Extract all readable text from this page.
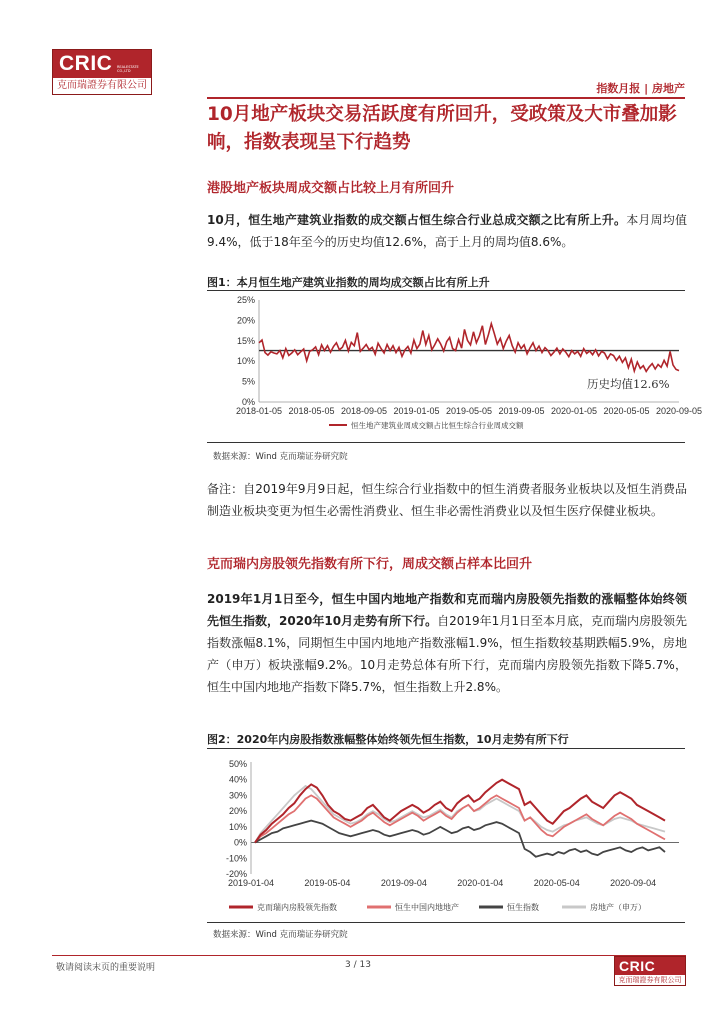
CRIC REALESTATE CO.,LTD
克而瑞證券有限公司	指数月报 | 房地产
10月地产板块交易活跃度有所回升，受政策及大市叠加影响，指数表现呈下行趋势
港股地产板块周成交额占比较上月有所回升
10月，恒生地产建筑业指数的成交额占恒生综合行业总成交额之比有所上升。本月周均值9.4%，低于18年至今的历史均值12.6%，高于上月的周均值8.6%。
图1：本月恒生地产建筑业指数的周均成交额占比有所上升
25%
20%
15%
10%
5%
0%
2018-01-05 2018-05-05 2018-09-05 2019-01-05 2019-05-05 2019-09-05 2020-01-05 2020-05-05 2020-09-05
历史均值12.6%
恒生地产建筑业周成交额占比恒生综合行业周成交额
数据来源：Wind 克而瑞证券研究院
备注：自2019年9月9日起，恒生综合行业指数中的恒生消费者服务业板块以及恒生消费品制造业板块变更为恒生必需性消费业、恒生非必需性消费业以及恒生医疗保健业板块。
克而瑞内房股领先指数有所下行，周成交额占样本比回升
2019年1月1日至今，恒生中国内地地产指数和克而瑞内房股领先指数的涨幅整体始终领先恒生指数，2020年10月走势有所下行。自2019年1月1日至本月底，克而瑞内房股领先指数涨幅8.1%，同期恒生中国内地地产指数涨幅1.9%，恒生指数较基期跌幅5.9%，房地产（申万）板块涨幅9.2%。10月走势总体有所下行，克而瑞内房股领先指数下降5.7%，恒生中国内地地产指数下降5.7%，恒生指数上升2.8%。
图2：2020年内房股指数涨幅整体始终领先恒生指数，10月走势有所下行
50%
40%
30%
20%
10%
0%
-10%
-20%
2019-01-04	2019-05-04	2019-09-04	2020-01-04	2020-05-04	2020-09-04
克而瑞内房股领先指数	恒生中国内地地产	恒生指数	房地产（申万）
数据来源：Wind 克而瑞证券研究院
敬请阅读末页的重要说明	3 / 13	CRIC
克而瑞證券有限公司
